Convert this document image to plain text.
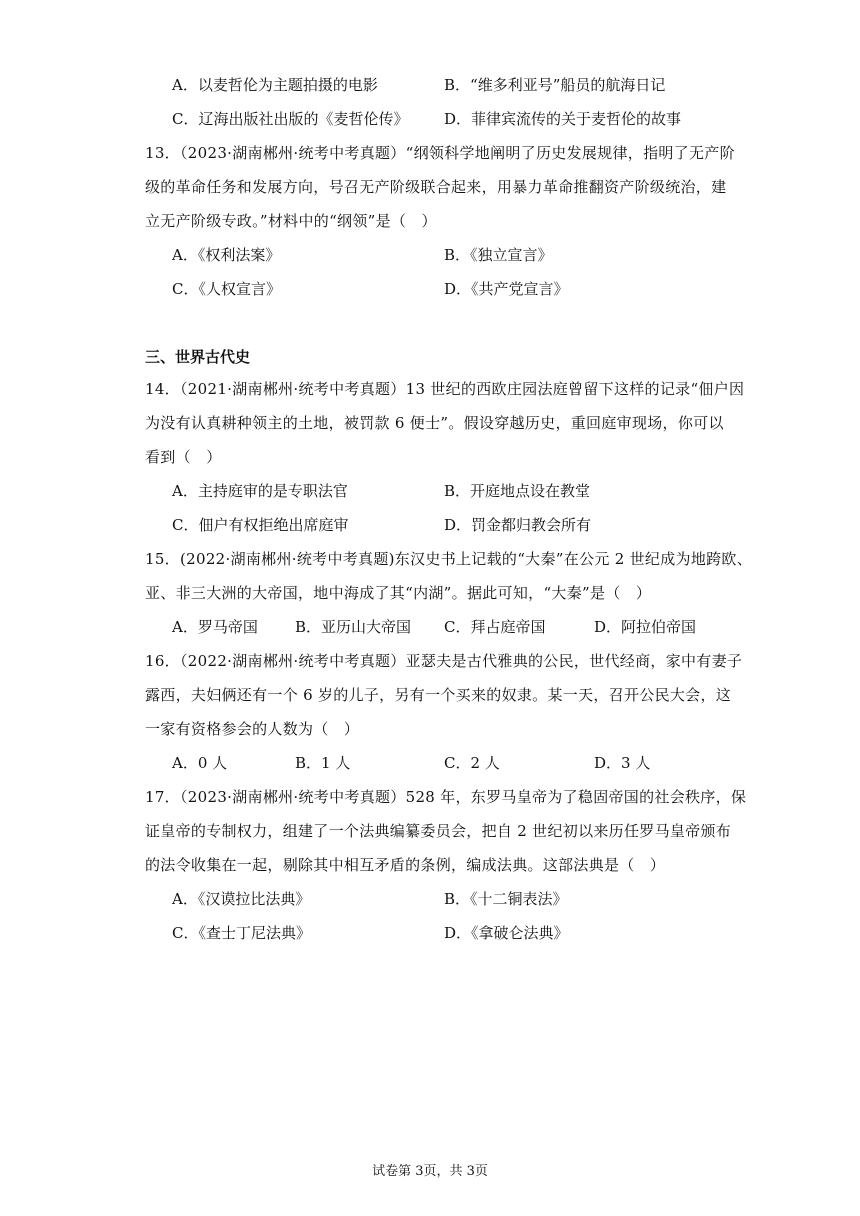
A．以麦哲伦为主题拍摄的电影	B．“维多利亚号”船员的航海日记
C．辽海出版社出版的《麦哲伦传》 D．菲律宾流传的关于麦哲伦的故事
13．（2023·湖南郴州·统考中考真题）“纲领科学地阐明了历史发展规律，指明了无产阶
级的革命任务和发展方向，号召无产阶级联合起来，用暴力革命推翻资产阶级统治，建
立无产阶级专政。”材料中的“纲领”是（　）
A．《权利法案》	B．《独立宣言》
C．《人权宣言》	D．《共产党宣言》
三、世界古代史
14．（2021·湖南郴州·统考中考真题）13 世纪的西欧庄园法庭曾留下这样的记录“佃户因
为没有认真耕种领主的土地，被罚款 6 便士”。假设穿越历史，重回庭审现场，你可以
看到（　）
A．主持庭审的是专职法官	B．开庭地点设在教堂
C．佃户有权拒绝出席庭审	D．罚金都归教会所有
15．(2022·湖南郴州·统考中考真题)东汉史书上记载的“大秦”在公元 2 世纪成为地跨欧、
亚、非三大洲的大帝国，地中海成了其“内湖”。据此可知，“大秦”是（　）
A．罗马帝国 B．亚历山大帝国 C．拜占庭帝国	D．阿拉伯帝国
16．（2022·湖南郴州·统考中考真题）亚瑟夫是古代雅典的公民，世代经商，家中有妻子
露西，夫妇俩还有一个 6 岁的儿子，另有一个买来的奴隶。某一天，召开公民大会，这
一家有资格参会的人数为（　）
A．0 人	B．1 人	C．2 人	D．3 人
17．（2023·湖南郴州·统考中考真题）528 年，东罗马皇帝为了稳固帝国的社会秩序，保
证皇帝的专制权力，组建了一个法典编纂委员会，把自 2 世纪初以来历任罗马皇帝颁布
的法令收集在一起，剔除其中相互矛盾的条例，编成法典。这部法典是（　）
A．《汉谟拉比法典》	B．《十二铜表法》
C．《查士丁尼法典》	D．《拿破仑法典》
试卷第 3页，共 3页
